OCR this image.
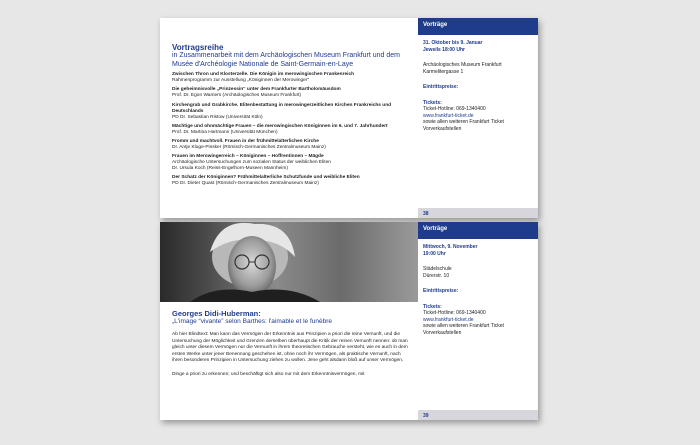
Vortragsreihe
in Zusammenarbeit mit dem Archäologischen Museum Frankfurt und dem Musée d'Archéologie Nationale de Saint-Germain-en-Laye
Zwischen Thron und Klosterzelle. Die Königin im merowingischen Frankenreich
Rahmenprogramm zur Ausstellung „Königinnen der Merowinger“
Die geheimnisvolle „Prinzessin“ unter dem Frankfurter Bartholomäusdom
Prof. Dr. Egon Wamers (Archäologisches Museum Frankfurt)
Kirchengrab und Grabkirche. Elitenbestattung in merowingerzeitlichen Kirchen Frankreichs und Deutschlands
PD Dr. Sebastian Ristow (Universität Köln)
Mächtige und ohnmächtige Frauen – die merowingischen Königinnen im 6. und 7. Jahrhundert
Prof. Dr. Martina Hartmann (Universität München)
Fromm und machtvoll. Frauen in der frühmittelalterlichen Kirche
Dr. Antje Kluge-Pinsker (Römisch-Germanisches Zentralmuseum Mainz)
Frauen im Merowingerreich – Königinnen – Hoffrentinnen – Mägde
Archäologische Untersuchungen zum sozialen Status der weiblichen Eliten
Dr. Ursula Koch (Reiss-Engelhorn-Museen Mannheim)
Der Schatz der Königinnen? Frühmittelalterliche Schutzfunde und weibliche Eliten
PD Dr. Dieter Quast (Römisch-Germanisches Zentralmuseum Mainz)
Vorträge
31. Oktober bis 9. Januar
Jeweils 18:00 Uhr
Archäologisches Museum Frankfurt
Karmelitergasse 1
Eintrittspreise:
Tickets:
Ticket-Hotline: 069-1340400
www.frankfurt-ticket.de
sowie allen weiteren Frankfurt Ticket Vorverkaufstellen
38
Georges Didi-Huberman:
„L'image “vivante” selon Barthes: l'aimable et le funèbre
Ab hier Blindtext: Man kann das Vermögen der Erkenntnis aus Prinzipien a priori die reine Vernunft, und die Untersuchung der Möglichkeit und Grenzen derselben überhaupt die Kritik der reinen Vernunft nennen: ob man gleich unter diesem Vermögen nur die Vernunft in ihrem theoretischen Gebrauche versteht, wie es auch in dem ersten Werke unter jener Benennung geschehen ist, ohne noch ihr Vermögen, als praktische Vernunft, nach ihren besonderen Prinzipien in Untersuchung ziehen zu wollen. Jene geht alsdann bloß auf unser Vermögen,
Dinge a priori zu erkennen; und beschäftigt sich also nur mit dem Erkenntnisvermögen, mit
Vorträge
Mittwoch, 9. November
19:00 Uhr
Städelschule
Dürerstr. 10
Eintrittspreise:
Tickets:
Ticket-Hotline: 069-1340400
www.frankfurt-ticket.de
sowie allen weiteren Frankfurt Ticket Vorverkaufstellen
39
